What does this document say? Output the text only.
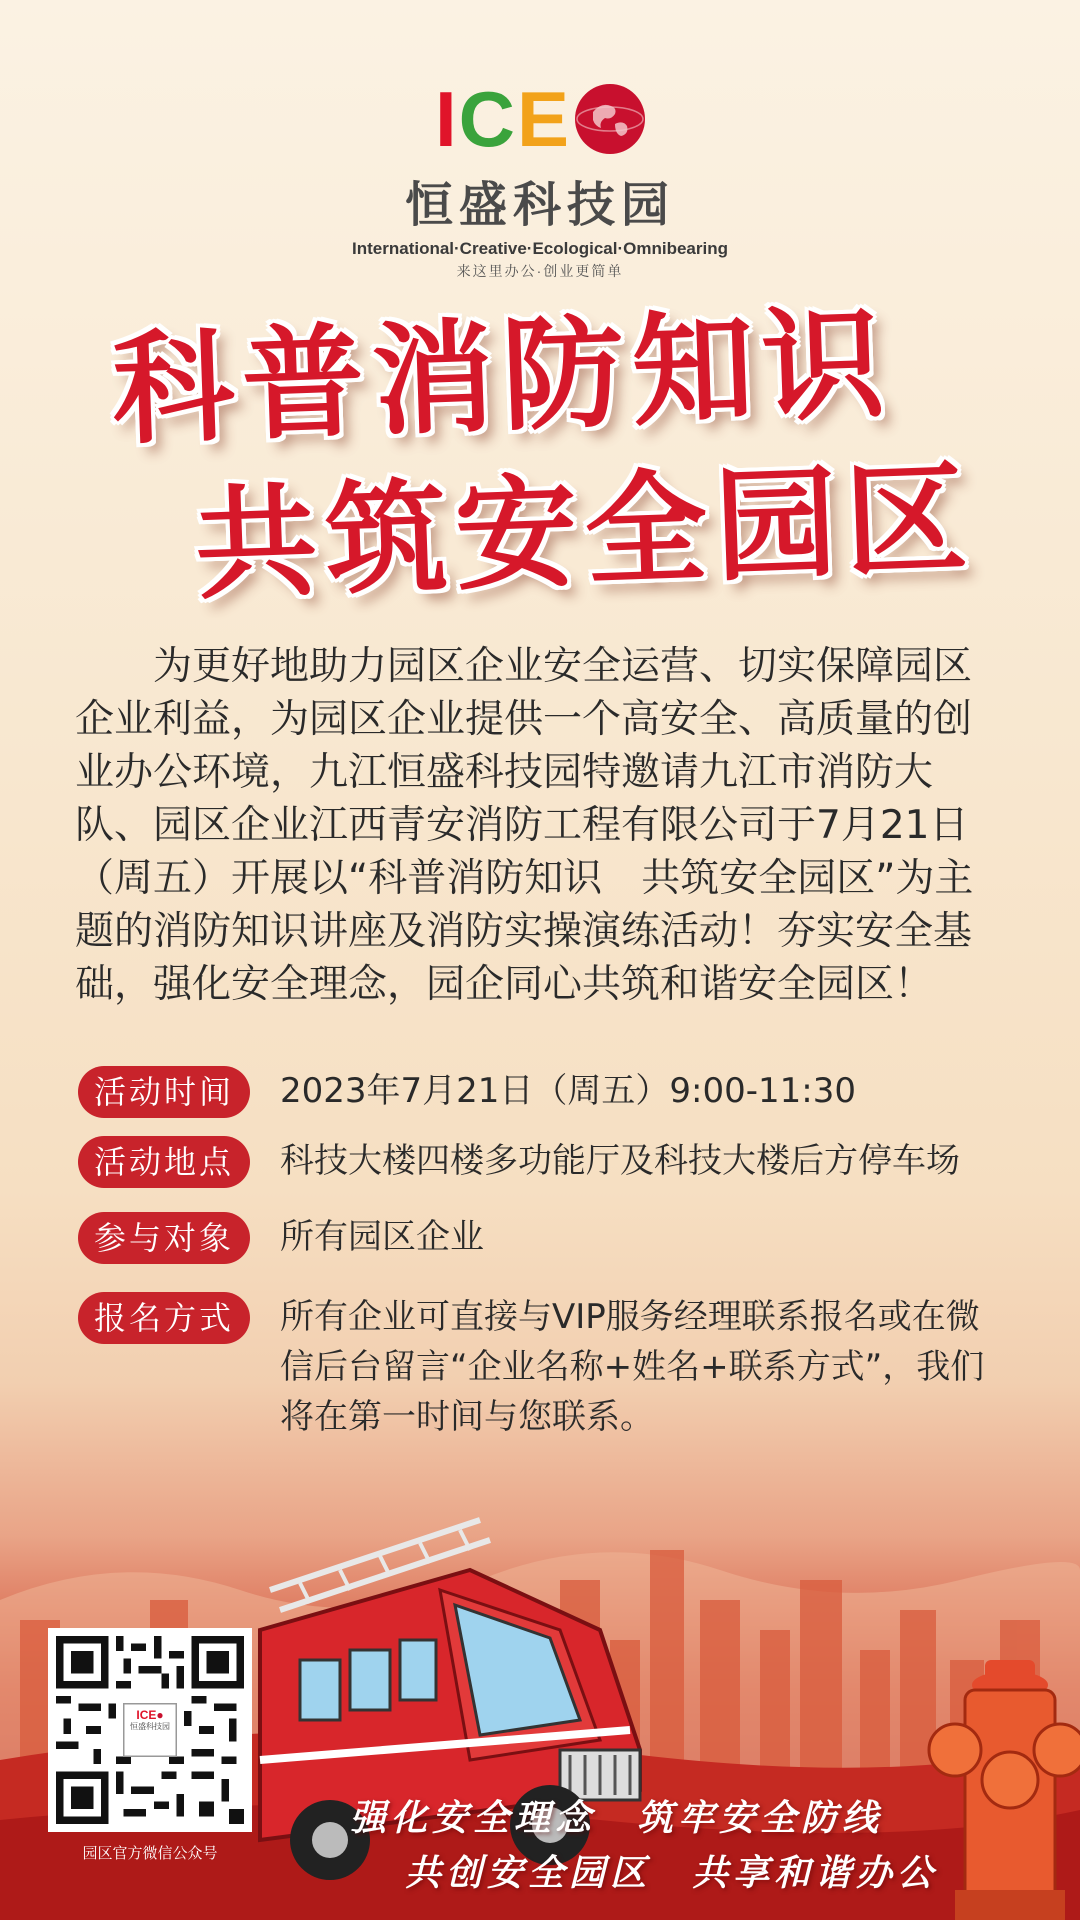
ICE
恒盛科技园
International·Creative·Ecological·Omnibearing
来这里办公·创业更简单
科普消防知识
共筑安全园区
为更好地助力园区企业安全运营、切实保障园区企业利益，为园区企业提供一个高安全、高质量的创业办公环境，九江恒盛科技园特邀请九江市消防大队、园区企业江西青安消防工程有限公司于7月21日（周五）开展以“科普消防知识　共筑安全园区”为主题的消防知识讲座及消防实操演练活动！夯实安全基础，强化安全理念，园企同心共筑和谐安全园区！
活动时间	2023年7月21日（周五）9:00-11:30
活动地点	科技大楼四楼多功能厅及科技大楼后方停车场
参与对象	所有园区企业
报名方式	所有企业可直接与VIP服务经理联系报名或在微信后台留言“企业名称+姓名+联系方式”，我们将在第一时间与您联系。
ICE●
恒盛科技园
园区官方微信公众号
强化安全理念　筑牢安全防线
共创安全园区　共享和谐办公
